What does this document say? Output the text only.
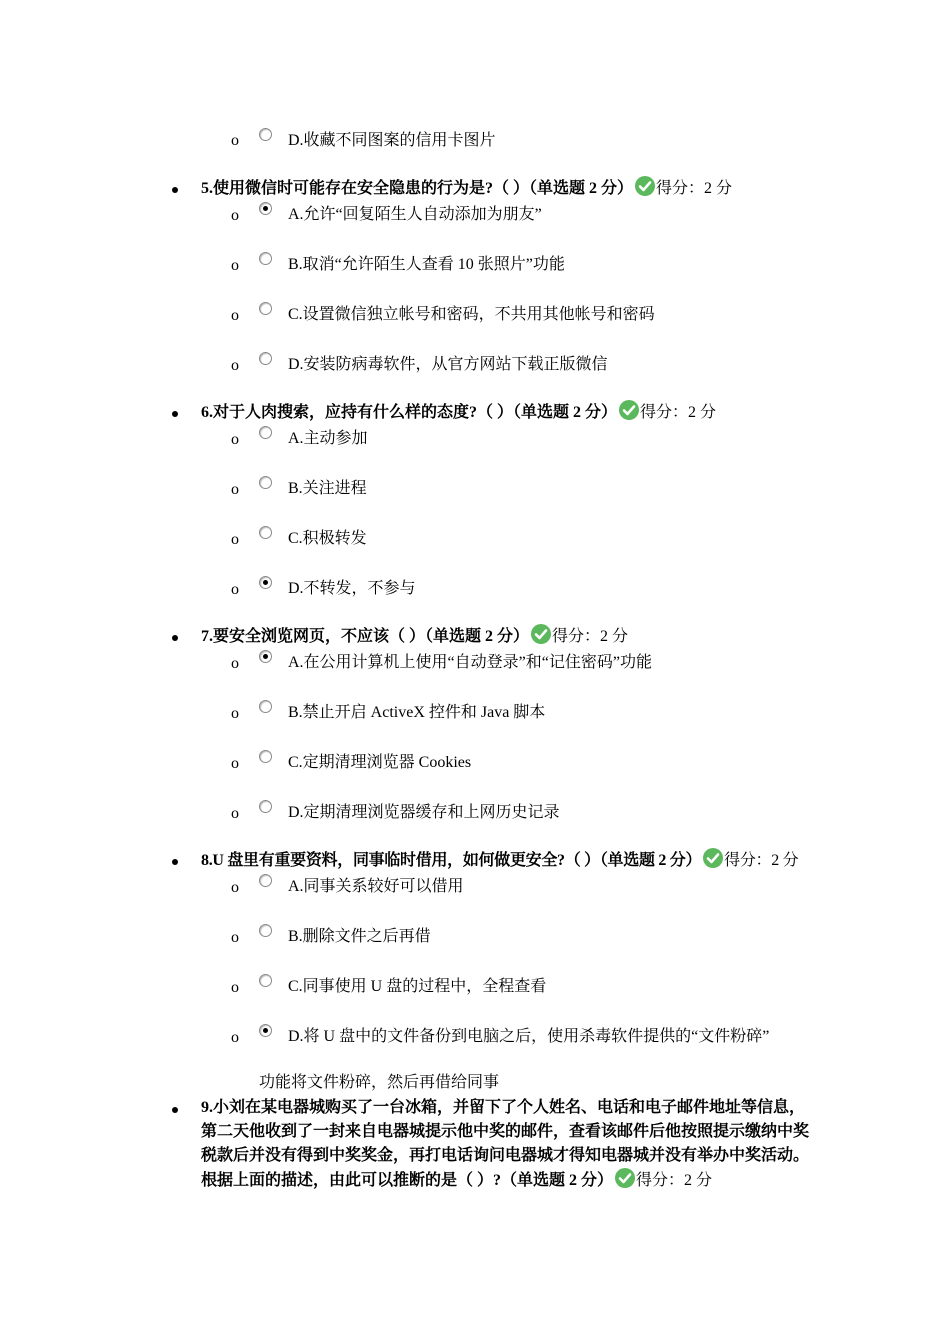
o	D.收藏不同图案的信用卡图片
5.使用微信时可能存在安全隐患的行为是?（ ）（单选题 2 分） 得分：2 分
o	A.允许“回复陌生人自动添加为朋友”
o	B.取消“允许陌生人查看 10 张照片”功能
o	C.设置微信独立帐号和密码，不共用其他帐号和密码
o	D.安装防病毒软件，从官方网站下载正版微信
6.对于人肉搜索，应持有什么样的态度?（ ）（单选题 2 分） 得分：2 分
o	A.主动参加
o	B.关注进程
o	C.积极转发
o	D.不转发，不参与
7.要安全浏览网页，不应该（ ）（单选题 2 分） 得分：2 分
o	A.在公用计算机上使用“自动登录”和“记住密码”功能
o	B.禁止开启 ActiveX 控件和 Java 脚本
o	C.定期清理浏览器 Cookies
o	D.定期清理浏览器缓存和上网历史记录
8.U 盘里有重要资料，同事临时借用，如何做更安全?（ ）（单选题 2 分） 得分：2 分
o	A.同事关系较好可以借用
o	B.删除文件之后再借
o	C.同事使用 U 盘的过程中，全程查看
o	D.将 U 盘中的文件备份到电脑之后，使用杀毒软件提供的“文件粉碎”
功能将文件粉碎，然后再借给同事
9.小刘在某电器城购买了一台冰箱，并留下了个人姓名、电话和电子邮件地址等信息，第二天他收到了一封来自电器城提示他中奖的邮件，查看该邮件后他按照提示缴纳中奖税款后并没有得到中奖奖金，再打电话询问电器城才得知电器城并没有举办中奖活动。根据上面的描述，由此可以推断的是（ ）?（单选题 2 分） 得分：2 分
